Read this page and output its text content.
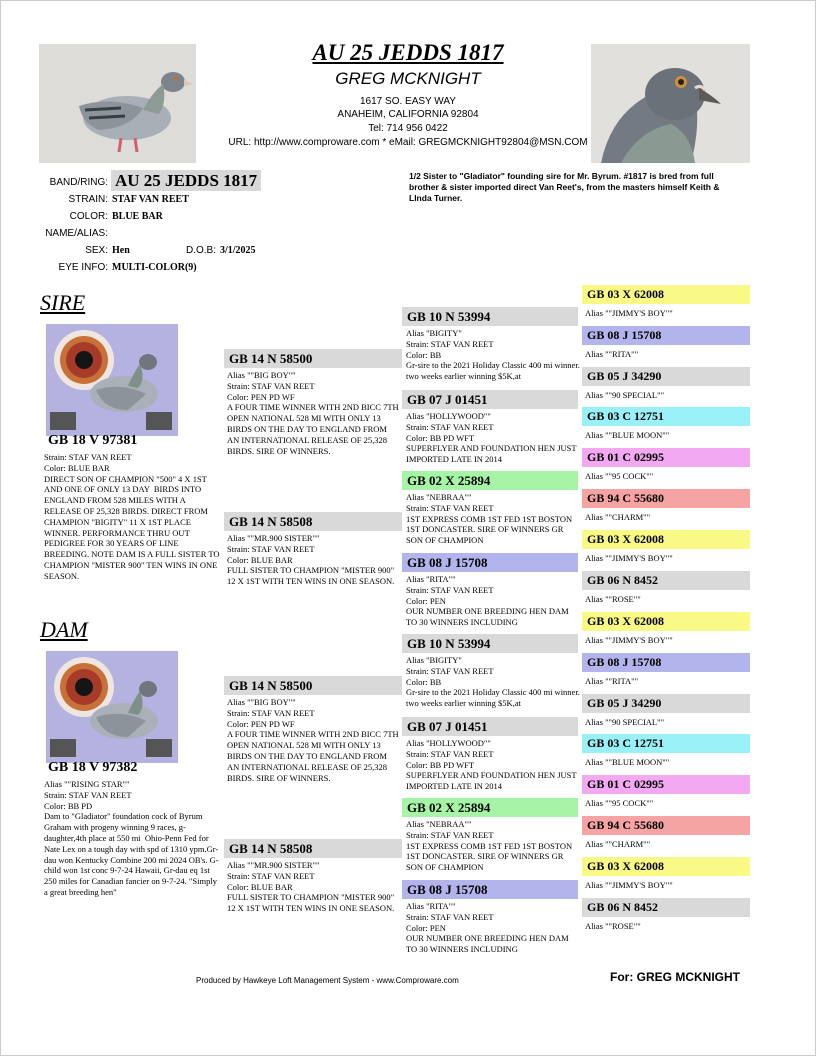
AU 25 JEDDS 1817
GREG MCKNIGHT
1617 SO. EASY WAY
ANAHEIM, CALIFORNIA 92804
Tel: 714 956 0422
URL: http://www.comproware.com * eMail: GREGMCKNIGHT92804@MSN.COM
BAND/RING: AU 25 JEDDS 1817
STRAIN: STAF VAN REET
COLOR: BLUE BAR
NAME/ALIAS:
SEX: Hen	D.O.B: 3/1/2025
EYE INFO: MULTI-COLOR(9)
1/2 Sister to "Gladiator" founding sire for Mr. Byrum. #1817 is bred from full brother & sister imported direct Van Reet's, from the masters himself Keith & LInda Turner.
SIRE
GB 18 V 97381
Strain: STAF VAN REET
Color: BLUE BAR
DIRECT SON OF CHAMPION "500" 4 X 1ST AND ONE OF ONLY 13 DAY  BIRDS INTO ENGLAND FROM 528 MILES WITH A RELEASE OF 25,328 BIRDS. DIRECT FROM CHAMPION "BIGITY" 11 X 1ST PLACE WINNER. PERFORMANCE THRU OUT PEDIGREE FOR 30 YEARS OF LINE BREEDING. NOTE DAM IS A FULL SISTER TO CHAMPION "MISTER 900" TEN WINS IN ONE SEASON.
GB 14 N 58500
Alias ""BIG BOY""
Strain: STAF VAN REET
Color: PEN PD WF
A FOUR TIME WINNER WITH 2ND BICC 7TH OPEN NATIONAL 528 MI WITH ONLY 13 BIRDS ON THE DAY TO ENGLAND FROM AN INTERNATIONAL RELEASE OF 25,328 BIRDS. SIRE OF WINNERS.
GB 14 N 58508
Alias ""MR.900 SISTER""
Strain: STAF VAN REET
Color: BLUE BAR
FULL SISTER TO CHAMPION "MISTER 900" 12 X 1ST WITH TEN WINS IN ONE SEASON.
GB 10 N 53994
Alias "BIGITY"
Strain: STAF VAN REET
Color: BB
Gr-sire to the 2021 Holiday Classic 400 mi winner. two weeks earlier winning $5K,at
GB 07 J 01451
Alias "HOLLYWOOD""
Strain: STAF VAN REET
Color: BB PD WFT
SUPERFLYER AND FOUNDATION HEN JUST IMPORTED LATE IN 2014
GB 02 X 25894
Alias "NEBRAA""
Strain: STAF VAN REET
1ST EXPRESS COMB 1ST FED 1ST BOSTON 1ST DONCASTER. SIRE OF WINNERS GR SON OF CHAMPION
GB 08 J 15708
Alias "RITA""
Strain: STAF VAN REET
Color: PEN
OUR NUMBER ONE BREEDING HEN DAM TO 30 WINNERS INCLUDING
GB 03 X 62008
Alias ""JIMMY'S BOY""
GB 08 J 15708
Alias ""RITA""
GB 05 J 34290
Alias ""90 SPECIAL""
GB 03 C 12751
Alias ""BLUE MOON""
GB 01 C 02995
Alias ""95 COCK""
GB 94 C 55680
Alias ""CHARM""
GB 03 X 62008
Alias ""JIMMY'S BOY""
GB 06 N 8452
Alias ""ROSE""
DAM
GB 18 V 97382
Alias ""RISING STAR""
Strain: STAF VAN REET
Color: BB PD
Dam to "Gladiator" foundation cock of Byrum Graham with progeny winning 9 races, g-daughter,4th place at 550 mi  Ohio-Penn Fed for Nate Lex on a tough day with spd of 1310 ypm.Gr-dau won Kentucky Combine 200 mi 2024 OB's. G-child won 1st conc 9-7-24 Hawaii, Gr-dau eq 1st 250 miles for Canadian fancier on 9-7-24. "Simply a great breeding hen"
GB 14 N 58500
Alias ""BIG BOY""
Strain: STAF VAN REET
Color: PEN PD WF
A FOUR TIME WINNER WITH 2ND BICC 7TH OPEN NATIONAL 528 MI WITH ONLY 13 BIRDS ON THE DAY TO ENGLAND FROM AN INTERNATIONAL RELEASE OF 25,328 BIRDS. SIRE OF WINNERS.
GB 14 N 58508
Alias ""MR.900 SISTER""
Strain: STAF VAN REET
Color: BLUE BAR
FULL SISTER TO CHAMPION "MISTER 900" 12 X 1ST WITH TEN WINS IN ONE SEASON.
GB 10 N 53994
Alias "BIGITY"
Strain: STAF VAN REET
Color: BB
Gr-sire to the 2021 Holiday Classic 400 mi winner. two weeks earlier winning $5K,at
GB 07 J 01451
Alias "HOLLYWOOD""
Strain: STAF VAN REET
Color: BB PD WFT
SUPERFLYER AND FOUNDATION HEN JUST IMPORTED LATE IN 2014
GB 02 X 25894
Alias "NEBRAA""
Strain: STAF VAN REET
1ST EXPRESS COMB 1ST FED 1ST BOSTON 1ST DONCASTER. SIRE OF WINNERS GR SON OF CHAMPION
GB 08 J 15708
Alias "RITA""
Strain: STAF VAN REET
Color: PEN
OUR NUMBER ONE BREEDING HEN DAM TO 30 WINNERS INCLUDING
GB 03 X 62008
Alias ""JIMMY'S BOY""
GB 08 J 15708
Alias ""RITA""
GB 05 J 34290
Alias ""90 SPECIAL""
GB 03 C 12751
Alias ""BLUE MOON""
GB 01 C 02995
Alias ""95 COCK""
GB 94 C 55680
Alias ""CHARM""
GB 03 X 62008
Alias ""JIMMY'S BOY""
GB 06 N 8452
Alias ""ROSE""
Produced by Hawkeye Loft Management System - www.Comproware.com	For: GREG MCKNIGHT
